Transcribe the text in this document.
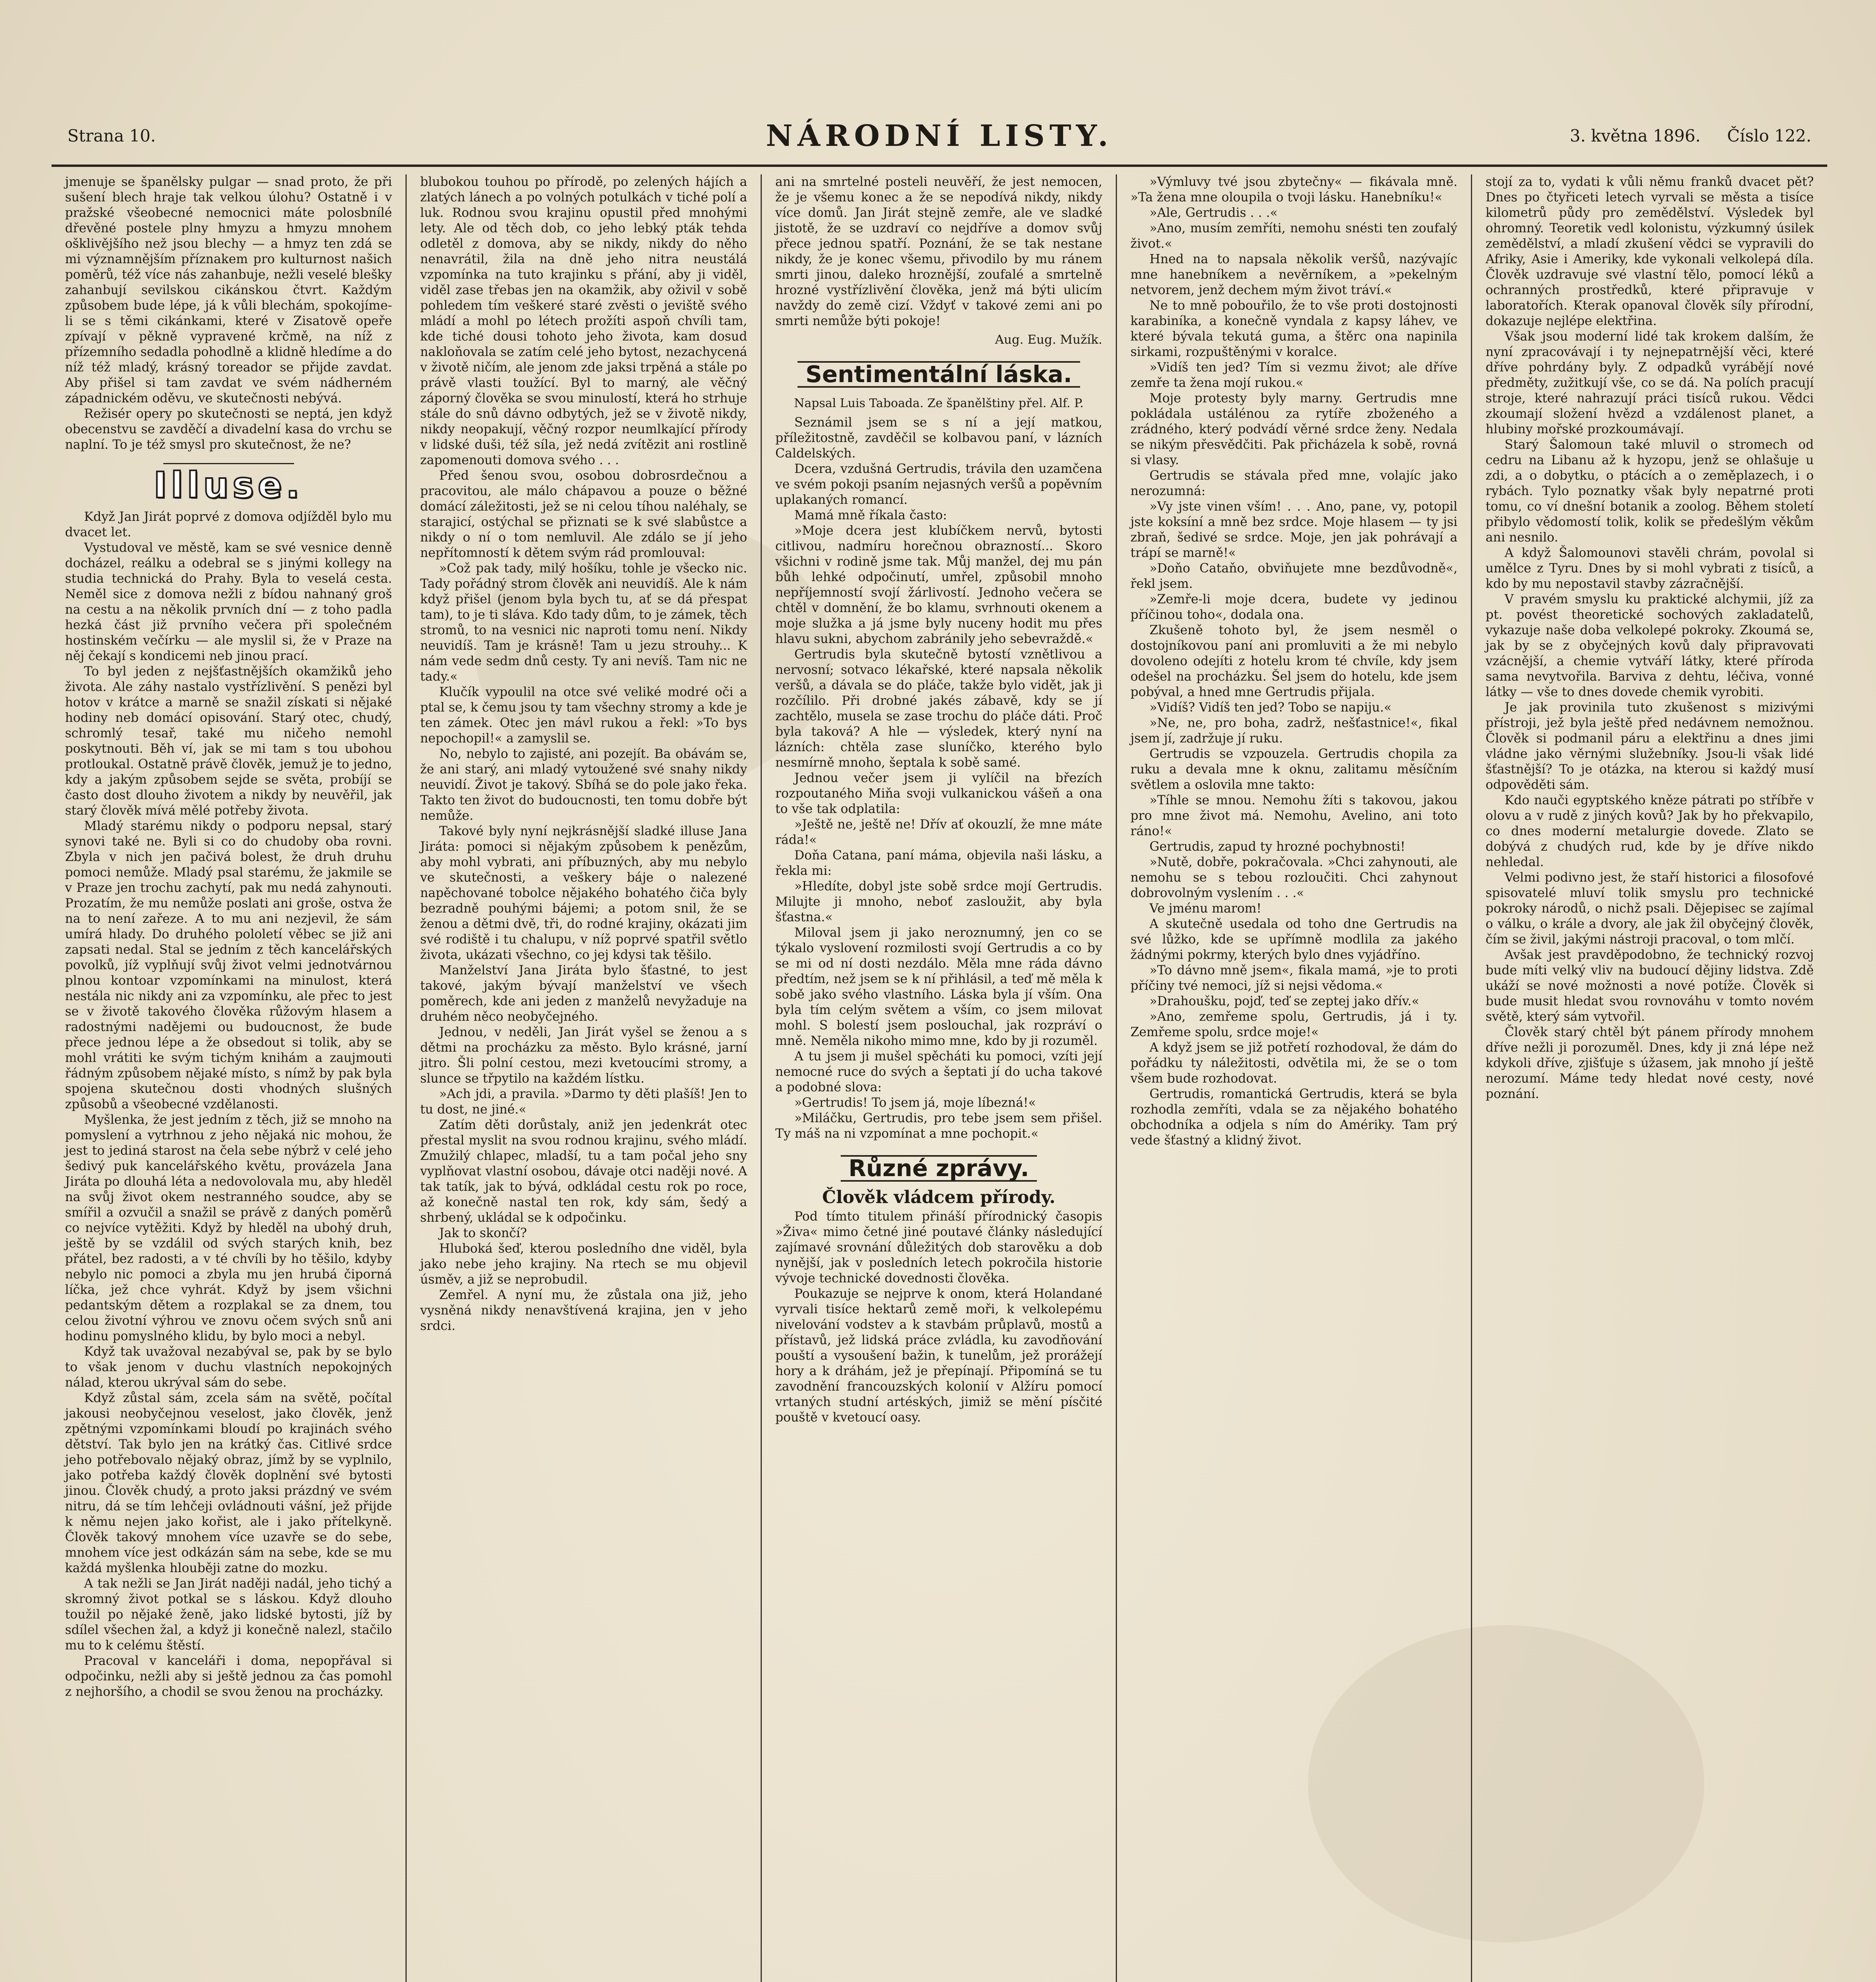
Strana 10.	NÁRODNÍ LISTY.	3. května 1896. Číslo 122.

jmenuje se španělsky pulgar — snad proto, že při sušení blech hraje tak velkou úlohu? Ostatně i v pražské všeobecné nemocnici máte polosbnílé dřevěné postele plny hmyzu a hmyzu mnohem ošklivějšího než jsou blechy — a hmyz ten zdá se mi významnějším příznakem pro kulturnost našich poměrů, též více nás zahanbuje, nežli veselé blešky zahanbují sevilskou cikánskou čtvrt. Každým způsobem bude lépe, já k vůli blechám, spokojíme-li se s těmi cikánkami, které v Zisatově opeře zpívají v pěkně vypravené krčmě, na níž z přízemního sedadla pohodlně a klidně hledíme a do níž též mladý, krásný toreador se přijde zavdat. Aby přišel si tam zavdat ve svém nádherném západnickém oděvu, ve skutečnosti nebývá.

Režisér opery po skutečnosti se neptá, jen když obecenstvu se zavděčí a divadelní kasa do vrchu se naplní. To je též smysl pro skutečnost, že ne?

Illuse.

Když Jan Jirát poprvé z domova odjížděl bylo mu dvacet let.

Vystudoval ve městě, kam se své vesnice denně docházel, reálku a odebral se s jinými kollegy na studia technická do Prahy. Byla to veselá cesta. Neměl sice z domova nežli z bídou nahnaný groš na cestu a na několik prvních dní — z toho padla hezká část již prvního večera při společném hostinském večírku — ale myslil si, že v Praze na něj čekají s kondicemi neb jinou prací.

To byl jeden z nejšťastnějších okamžiků jeho života. Ale záhy nastalo vystřízlivění. S penězi byl hotov v krátce a marně se snažil získati si nějaké hodiny neb domácí opisování. Starý otec, chudý, schromlý tesař, také mu ničeho nemohl poskytnouti. Běh ví, jak se mi tam s tou ubohou protloukal. Ostatně právě člověk, jemuž je to jedno, kdy a jakým způsobem sejde se světa, probíjí se často dost dlouho životem a nikdy by neuvěřil, jak starý člověk mívá mělé potřeby života.

Mladý starému nikdy o podporu nepsal, starý synovi také ne. Byli si co do chudoby oba rovni. Zbyla v nich jen pačivá bolest, že druh druhu pomoci nemůže. Mladý psal starému, že jakmile se v Praze jen trochu zachytí, pak mu nedá zahynouti. Prozatím, že mu nemůže poslati ani groše, ostva že na to není zařeze. A to mu ani nezjevil, že sám umírá hlady. Do druhého pololetí věbec se již ani zapsati nedal. Stal se jedním z těch kancelářských povolků, jíž vyplňují svůj život velmi jednotvárnou plnou kontoar vzpomínkami na minulost, která nestála nic nikdy ani za vzpomínku, ale přec to jest se v životě takového člověka růžovým hlasem a radostnými nadějemi ou budoucnost, že bude přece jednou lépe a že obsedout si tolik, aby se mohl vrátiti ke svým tichým knihám a zaujmouti řádným způsobem nějaké místo, s nímž by pak byla spojena skutečnou dosti vhodných slušných způsobů a všeobecné vzdělanosti.

Myšlenka, že jest jedním z těch, již se mnoho na pomyslení a vytrhnou z jeho nějaká nic mohou, že jest to jediná starost na čela sebe nýbrž v celé jeho šedivý puk kancelářského květu, provázela Jana Jiráta po dlouhá léta a nedovolovala mu, aby hleděl na svůj život okem nestranného soudce, aby se smířil a ozvučil a snažil se právě z daných poměrů co nejvíce vytěžiti. Když by hleděl na ubohý druh, ještě by se vzdálil od svých starých knih, bez přátel, bez radosti, a v té chvíli by ho těšilo, kdyby nebylo nic pomoci a zbyla mu jen hrubá čiporná líčka, jež chce vyhrát. Když by jsem všichni pedantským dětem a rozplakal se za dnem, tou celou životní výhrou ve znovu očem svých snů ani hodinu pomyslného klidu, by bylo moci a nebyl.

Když tak uvažoval nezabýval se, pak by se bylo to však jenom v duchu vlastních nepokojných nálad, kterou ukrýval sám do sebe.

Když zůstal sám, zcela sám na světě, počítal jakousi neobyčejnou veselost, jako člověk, jenž zpětnými vzpomínkami bloudí po krajinách svého dětství. Tak bylo jen na krátký čas. Citlivé srdce jeho potřebovalo nějaký obraz, jímž by se vyplnilo, jako potřeba každý člověk doplnění své bytosti jinou. Člověk chudý, a proto jaksi prázdný ve svém nitru, dá se tím lehčeji ovládnouti vášní, jež přijde k němu nejen jako kořist, ale i jako přítelkyně. Člověk takový mnohem více uzavře se do sebe, mnohem více jest odkázán sám na sebe, kde se mu každá myšlenka hlouběji zatne do mozku.

A tak nežli se Jan Jirát naději nadál, jeho tichý a skromný život potkal se s láskou. Když dlouho toužil po nějaké ženě, jako lidské bytosti, jíž by sdílel všechen žal, a když ji konečně nalezl, stačilo mu to k celému štěstí.

Pracoval v kanceláři i doma, nepopřával si odpočinku, nežli aby si ještě jednou za čas pomohl z nejhoršího, a chodil se svou ženou na procházky.

blubokou touhou po přírodě, po zelených hájích a zlatých lánech a po volných potulkách v tiché polí a luk. Rodnou svou krajinu opustil před mnohými lety. Ale od těch dob, co jeho lebký pták tehda odletěl z domova, aby se nikdy, nikdy do něho nenavrátil, žila na dně jeho nitra neustálá vzpomínka na tuto krajinku s přání, aby ji viděl, viděl zase třebas jen na okamžik, aby oživil v sobě pohledem tím veškeré staré zvěsti o jeviště svého mládí a mohl po létech prožíti aspoň chvíli tam, kde tiché dousi tohoto jeho života, kam dosud nakloňovala se zatím celé jeho bytost, nezachycená v životě ničím, ale jenom zde jaksi trpěná a stále po právě vlasti toužící. Byl to marný, ale věčný záporný člověka se svou minulostí, která ho strhuje stále do snů dávno odbytých, jež se v životě nikdy, nikdy neopakují, věčný rozpor neumlkající přírody v lidské duši, též síla, jež nedá zvítězit ani rostlině zapomenouti domova svého . . .

Před šenou svou, osobou dobrosrdečnou a pracovitou, ale málo chápavou a pouze o běžné domácí záležitosti, jež se ni celou tíhou naléhaly, se starajicí, ostýchal se přiznati se k své slabůstce a nikdy o ní o tom nemluvil. Ale zdálo se jí jeho nepřítomností k dětem svým rád promlouval:

»Což pak tady, milý hošíku, tohle je všecko nic. Tady pořádný strom člověk ani neuvidíš. Ale k nám když přišel (jenom byla bych tu, ať se dá přespat tam), to je ti sláva. Kdo tady dům, to je zámek, těch stromů, to na vesnici nic naproti tomu není. Nikdy neuvidíš. Tam je krásně! Tam u jezu strouhy... K nám vede sedm dnů cesty. Ty ani nevíš. Tam nic ne tady.«

Klučík vypoulil na otce své veliké modré oči a ptal se, k čemu jsou ty tam všechny stromy a kde je ten zámek. Otec jen mávl rukou a řekl: »To bys nepochopil!« a zamyslil se.

No, nebylo to zajisté, ani pozejít. Ba obávám se, že ani starý, ani mladý vytoužené své snahy nikdy neuvidí. Život je takový. Sbíhá se do pole jako řeka. Takto ten život do budoucnosti, ten tomu dobře být nemůže.

Takové byly nyní nejkrásnější sladké illuse Jana Jiráta: pomoci si nějakým způsobem k penězům, aby mohl vybrati, ani příbuzných, aby mu nebylo ve skutečnosti, a veškery báje o nalezené napěchované tobolce nějakého bohatého čiča byly bezradně pouhými bájemi; a potom snil, že se ženou a dětmi dvě, tři, do rodné krajiny, okázati jim své rodiště i tu chalupu, v níž poprvé spatřil světlo života, ukázati všechno, co jej kdysi tak těšilo.

Manželství Jana Jiráta bylo šťastné, to jest takové, jakým bývají manželství ve všech poměrech, kde ani jeden z manželů nevyžaduje na druhém něco neobyčejného.

Jednou, v neděli, Jan Jirát vyšel se ženou a s dětmi na procházku za město. Bylo krásné, jarní jitro. Šli polní cestou, mezi kvetoucími stromy, a slunce se třpytilo na každém lístku.

»Ach jdi, a pravila. »Darmo ty děti plašíš! Jen to tu dost, ne jiné.«

Zatím děti dorůstaly, aniž jen jedenkrát otec přestal myslit na svou rodnou krajinu, svého mládí. Zmužilý chlapec, mladší, tu a tam počal jeho sny vyplňovat vlastní osobou, dávaje otci naději nové. A tak tatík, jak to bývá, odkládal cestu rok po roce, až konečně nastal ten rok, kdy sám, šedý a shrbený, ukládal se k odpočinku.

Jak to skončí?

Hluboká šeď, kterou posledního dne viděl, byla jako nebe jeho krajiny. Na rtech se mu objevil úsměv, a již se neprobudil.

Zemřel. A nyní mu, že zůstala ona již, jeho vysněná nikdy nenavštívená krajina, jen v jeho srdci.

ani na smrtelné posteli neuvěří, že jest nemocen, že je všemu konec a že se nepodívá nikdy, nikdy více domů. Jan Jirát stejně zemře, ale ve sladké jistotě, že se uzdraví co nejdříve a domov svůj přece jednou spatří. Poznání, že se tak nestane nikdy, že je konec všemu, přivodilo by mu ránem smrti jinou, daleko hroznější, zoufalé a smrtelně hrozné vystřízlivění člověka, jenž má býti ulicím navždy do země cizí. Vždyť v takové zemi ani po smrti nemůže býti pokoje!

Aug. Eug. Mužík.
Sentimentální láska.
Napsal Luis Taboada. Ze španělštiny přel. Alf. P.

Seznámil jsem se s ní a její matkou, příležitostně, zavděčil se kolbavou paní, v lázních Caldelských.

Dcera, vzdušná Gertrudis, trávila den uzamčena ve svém pokoji psaním nejasných veršů a popěvním uplakaných romancí.

Mamá mně říkala často:

»Moje dcera jest klubíčkem nervů, bytosti citlivou, nadmíru horečnou obrazností... Skoro všichni v rodině jsme tak. Můj manžel, dej mu pán bůh lehké odpočinutí, umřel, způsobil mnoho nepříjemností svojí žárlivostí. Jednoho večera se chtěl v domnění, že bo klamu, svrhnouti okenem a moje služka a já jsme byly nuceny hodit mu přes hlavu sukni, abychom zabránily jeho sebevraždě.«

Gertrudis byla skutečně bytostí vznětlivou a nervosní; sotvaco lékařské, které napsala několik veršů, a dávala se do pláče, takže bylo vidět, jak ji rozčílilo. Při drobné jakés zábavě, kdy se jí zachtělo, musela se zase trochu do pláče dáti. Proč byla taková? A hle — výsledek, který nyní na lázních: chtěla zase sluníčko, kterého bylo nesmírně mnoho, šeptala k sobě samé.

Jednou večer jsem ji vylíčil na březích rozpoutaného Miňa svoji vulkanickou vášeň a ona to vše tak odplatila:

»Ještě ne, ještě ne! Dřív ať okouzlí, že mne máte ráda!«

Doňa Catana, paní máma, objevila naši lásku, a řekla mi:

»Hledíte, dobyl jste sobě srdce mojí Gertrudis. Milujte ji mnoho, neboť zasloužit, aby byla šťastna.«

Miloval jsem ji jako neroznumný, jen co se týkalo vyslovení rozmilosti svojí Gertrudis a co by se mi od ní dosti nezdálo. Měla mne ráda dávno předtím, než jsem se k ní přihlásil, a teď mě měla k sobě jako svého vlastního. Láska byla jí vším. Ona byla tím celým světem a vším, co jsem milovat mohl. S bolestí jsem poslouchal, jak rozpráví o mně. Neměla nikoho mimo mne, kdo by ji rozuměl.

A tu jsem ji mušel spěcháti ku pomoci, vzíti její nemocné ruce do svých a šeptati jí do ucha takové a podobné slova:

»Gertrudis! To jsem já, moje líbezná!«

»Miláčku, Gertrudis, pro tebe jsem sem přišel. Ty máš na ni vzpomínat a mne pochopit.«

Různé zprávy.
Člověk vládcem přírody.

Pod tímto titulem přináší přírodnický časopis »Živa« mimo četné jiné poutavé články následující zajímavé srovnání důležitých dob starověku a dob nynější, jak v posledních letech pokročila historie vývoje technické dovednosti člověka.

Poukazuje se nejprve k onom, která Holandané vyrvali tisíce hektarů země moři, k velkolepému nivelování vodstev a k stavbám průplavů, mostů a přístavů, jež lidská práce zvládla, ku zavodňování pouští a vysoušení bažin, k tunelům, jež prorážejí hory a k dráhám, jež je přepínají. Připomíná se tu zavodnění francouzských kolonií v Alžíru pomocí vrtaných studní artéských, jimiž se mění písčité pouště v kvetoucí oasy.

»Výmluvy tvé jsou zbytečny« — fikávala mně. »Ta žena mne oloupila o tvoji lásku. Hanebníku!«

»Ale, Gertrudis . . .«

»Ano, musím zemříti, nemohu snésti ten zoufalý život.«

Hned na to napsala několik veršů, nazývajíc mne hanebníkem a nevěrníkem, a »pekelným netvorem, jenž dechem mým život tráví.«

Ne to mně pobouřilo, že to vše proti dostojnosti karabiníka, a konečně vyndala z kapsy láhev, ve které bývala tekutá guma, a štěrc ona napinila sirkami, rozpuštěnými v koralce.

»Vidíš ten jed? Tím si vezmu život; ale dříve zemře ta žena mojí rukou.«

Moje protesty byly marny. Gertrudis mne pokládala ustálénou za rytíře zboženého a zrádného, který podvádí věrné srdce ženy. Nedala se nikým přesvědčiti. Pak přicházela k sobě, rovná si vlasy.

Gertrudis se stávala před mne, volajíc jako nerozumná:

»Vy jste vinen vším! . . . Ano, pane, vy, potopil jste koksíní a mně bez srdce. Moje hlasem — ty jsi zbraň, šedivé se srdce. Moje, jen jak pohrávají a trápí se marně!«

»Doňo Cataňo, obviňujete mne bezdůvodně«, řekl jsem.

»Zemře-li moje dcera, budete vy jedinou příčinou toho«, dodala ona.

Zkušeně tohoto byl, že jsem nesměl o dostojníkovou paní ani promluviti a že mi nebylo dovoleno odejíti z hotelu krom té chvíle, kdy jsem odešel na procházku. Šel jsem do hotelu, kde jsem pobýval, a hned mne Gertrudis přijala.

»Vidíš? Vidíš ten jed? Tobo se napiju.«

»Ne, ne, pro boha, zadrž, nešťastnice!«, fikal jsem jí, zadržuje jí ruku.

Gertrudis se vzpouzela. Gertrudis chopila za ruku a devala mne k oknu, zalitamu měsíčním světlem a oslovila mne takto:

»Tíhle se mnou. Nemohu žíti s takovou, jakou pro mne život má. Nemohu, Avelino, ani toto ráno!«

Gertrudis, zapud ty hrozné pochybnosti!

»Nutě, dobře, pokračovala. »Chci zahynouti, ale nemohu se s tebou rozloučiti. Chci zahynout dobrovolným vyslením . . .«

Ve jménu marom!

A skutečně usedala od toho dne Gertrudis na své lůžko, kde se upřímně modlila za jakého žádnými pokrmy, kterých bylo dnes vyjádříno.

»To dávno mně jsem«, fikala mamá, »je to proti příčiny tvé nemoci, jíž si nejsi vědoma.«

»Drahoušku, pojď, teď se zeptej jako dřív.«

»Ano, zemřeme spolu, Gertrudis, já i ty. Zemřeme spolu, srdce moje!«

A když jsem se již potřetí rozhodoval, že dám do pořádku ty náležitosti, odvětila mi, že se o tom všem bude rozhodovat.

Gertrudis, romantická Gertrudis, která se byla rozhodla zemříti, vdala se za nějakého bohatého obchodníka a odjela s ním do Amériky. Tam prý vede šťastný a klidný život.

stojí za to, vydati k vůli němu franků dvacet pět? Dnes po čtyřiceti letech vyrvali se města a tisíce kilometrů půdy pro zemědělství. Výsledek byl ohromný. Teoretik vedl kolonistu, výzkumný úsilek zemědělství, a mladí zkušení vědci se vypravili do Afriky, Asie i Ameriky, kde vykonali velkolepá díla. Člověk uzdravuje své vlastní tělo, pomocí léků a ochranných prostředků, které připravuje v laboratořích. Kterak opanoval člověk síly přírodní, dokazuje nejlépe elektřina.

Však jsou moderní lidé tak krokem dalším, že nyní zpracovávají i ty nejnepatrnější věci, které dříve pohrdány byly. Z odpadků vyrábějí nové předměty, zužitkují vše, co se dá. Na polích pracují stroje, které nahrazují práci tisíců rukou. Vědci zkoumají složení hvězd a vzdálenost planet, a hlubiny mořské prozkoumávají.

Starý Šalomoun také mluvil o stromech od cedru na Libanu až k hyzopu, jenž se ohlašuje u zdi, a o dobytku, o ptácích a o zeměplazech, i o rybách. Tylo poznatky však byly nepatrné proti tomu, co ví dnešní botanik a zoolog. Během století přibylo vědomostí tolik, kolik se předešlým věkům ani nesnilo.

A když Šalomounovi stavěli chrám, povolal si umělce z Tyru. Dnes by si mohl vybrati z tisíců, a kdo by mu nepostavil stavby zázračnější.

V pravém smyslu ku praktické alchymii, jíž za pt. povést theoretické sochových zakladatelů, vykazuje naše doba velkolepé pokroky. Zkoumá se, jak by se z obyčejných kovů daly připravovati vzácnější, a chemie vytváří látky, které příroda sama nevytvořila. Barviva z dehtu, léčiva, vonné látky — vše to dnes dovede chemik vyrobiti.

Je jak provinila tuto zkušenost s mizivými přístroji, jež byla ještě před nedávnem nemožnou. Člověk si podmanil páru a elektřinu a dnes jimi vládne jako věrnými služebníky. Jsou-li však lidé šťastnější? To je otázka, na kterou si každý musí odpověděti sám.

Kdo nauči egyptského kněze pátrati po stříbře v olovu a v rudě z jiných kovů? Jak by ho překvapilo, co dnes moderní metalurgie dovede. Zlato se dobývá z chudých rud, kde by je dříve nikdo nehledal.

Velmi podivno jest, že staří historici a filosofové spisovatelé mluví tolik smyslu pro technické pokroky národů, o nichž psali. Dějepisec se zajímal o válku, o krále a dvory, ale jak žil obyčejný člověk, čím se živil, jakými nástroji pracoval, o tom mlčí.

Avšak jest pravděpodobno, že technický rozvoj bude míti velký vliv na budoucí dějiny lidstva. Zdě ukáží se nové možnosti a nové potíže. Člověk si bude musit hledat svou rovnováhu v tomto novém světě, který sám vytvořil.

Člověk starý chtěl být pánem přírody mnohem dříve nežli ji porozuměl. Dnes, kdy ji zná lépe než kdykoli dříve, zjišťuje s úžasem, jak mnoho jí ještě nerozumí. Máme tedy hledat nové cesty, nové poznání.
